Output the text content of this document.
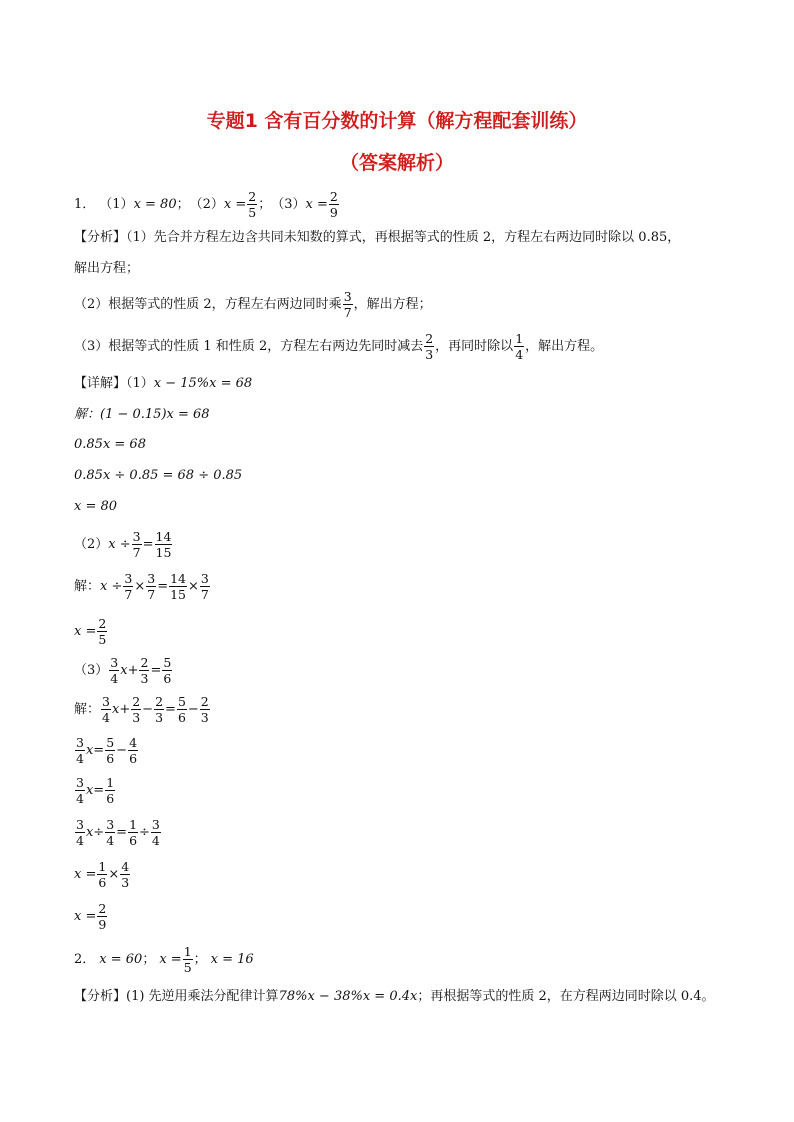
专题1 含有百分数的计算（解方程配套训练）
（答案解析）
1． （1） x = 80 ； （2） $x = \frac{2}{5}$ ； （3） $x = \frac{2}{9}$
【分析】（1）先合并方程左边含共同未知数的算式，再根据等式的性质 2，方程左右两边同时除以 0.85，
解出方程；
（2）根据等式的性质 2，方程左右两边同时乘 $\frac{3}{7}$ ，解出方程；
（3）根据等式的性质 1 和性质 2，方程左右两边先同时减去 $\frac{2}{3}$ ，再同时除以 $\frac{1}{4}$ ，解出方程。
【详解】（1） x − 15%x = 68
解：(1 − 0.15)x = 68
0.85x = 68
0.85x ÷ 0.85 = 68 ÷ 0.85
x = 80
（2） $x \div \frac{3}{7} = \frac{14}{15}$
解： $x \div \frac{3}{7} \times \frac{3}{7} = \frac{14}{15} \times \frac{3}{7}$
$x = \frac{2}{5}$
$(3) \frac{3}{4}$ $x + \frac{2}{3} = \frac{5}{6}$
解： $\frac{3}{4}$ $x + \frac{2}{3} - \frac{2}{3} = \frac{5}{6} - \frac{2}{3}$
$\frac{3}{4}$ $x = \frac{5}{6} - \frac{4}{6}$
$\frac{3}{4}$ $x = \frac{1}{6}$
$\frac{3}{4}$ $x \div \frac{3}{4} = \frac{1}{6} \div \frac{3}{4}$
$x = \frac{1}{6} \times \frac{4}{3}$
$x = \frac{2}{9}$
2． x = 60 ； $x = \frac{1}{5}$ ； x = 16
【分析】(1) 先逆用乘法分配律计算 78%x − 38%x = 0.4x ；再根据等式的性质 2，在方程两边同时除以 0.4。
